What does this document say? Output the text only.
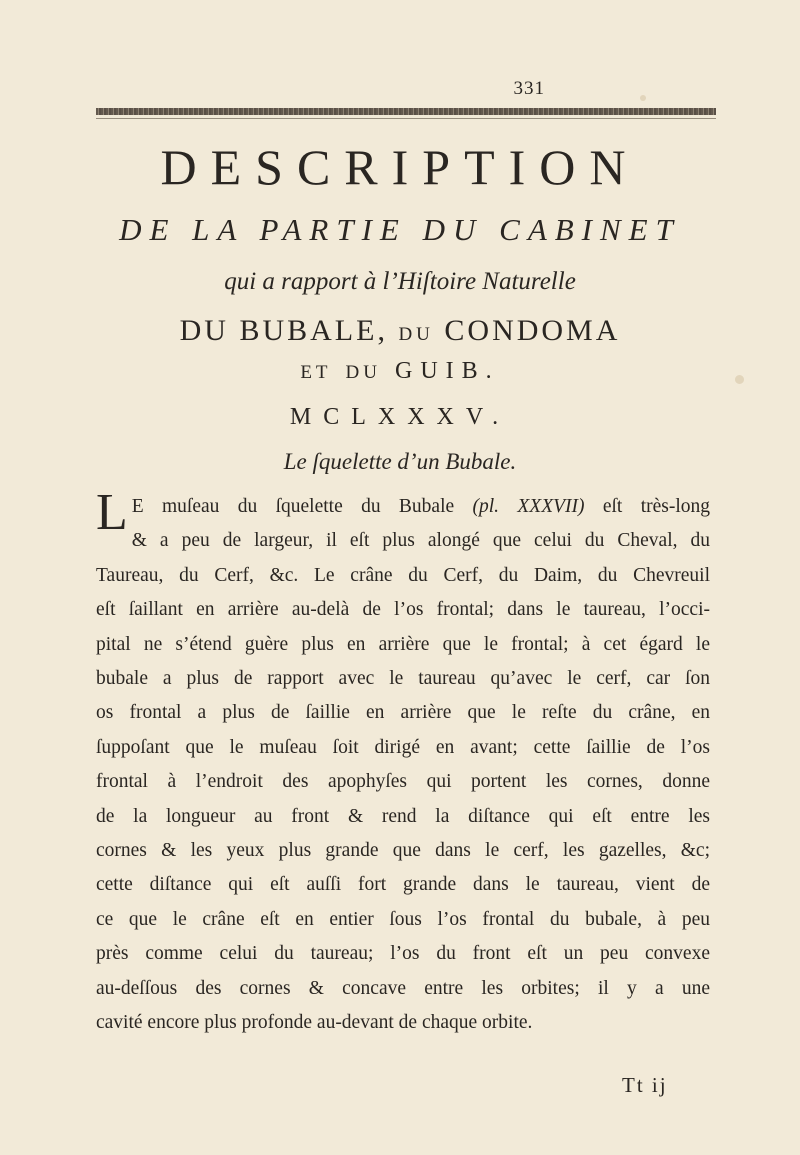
331
DESCRIPTION
DE LA PARTIE DU CABINET
qui a rapport à l’Hiſtoire Naturelle
DU BUBALE, DU CONDOMA
ET DU GUIB.
MCLXXXV.
Le ſquelette d’un Bubale.
L E muſeau du ſquelette du Bubale (pl. XXXVII) eſt très-long
& a peu de largeur, il eſt plus alongé que celui du Cheval, du
Taureau, du Cerf, &c. Le crâne du Cerf, du Daim, du Chevreuil
eſt ſaillant en arrière au-delà de l’os frontal; dans le taureau, l’occi-
pital ne s’étend guère plus en arrière que le frontal; à cet égard le
bubale a plus de rapport avec le taureau qu’avec le cerf, car ſon
os frontal a plus de ſaillie en arrière que le reſte du crâne, en
ſuppoſant que le muſeau ſoit dirigé en avant; cette ſaillie de l’os
frontal à l’endroit des apophyſes qui portent les cornes, donne
de la longueur au front & rend la diſtance qui eſt entre les
cornes & les yeux plus grande que dans le cerf, les gazelles, &c;
cette diſtance qui eſt auſſi fort grande dans le taureau, vient de
ce que le crâne eſt en entier ſous l’os frontal du bubale, à peu
près comme celui du taureau; l’os du front eſt un peu convexe
au-deſſous des cornes & concave entre les orbites; il y a une
cavité encore plus profonde au-devant de chaque orbite.
Tt ij
